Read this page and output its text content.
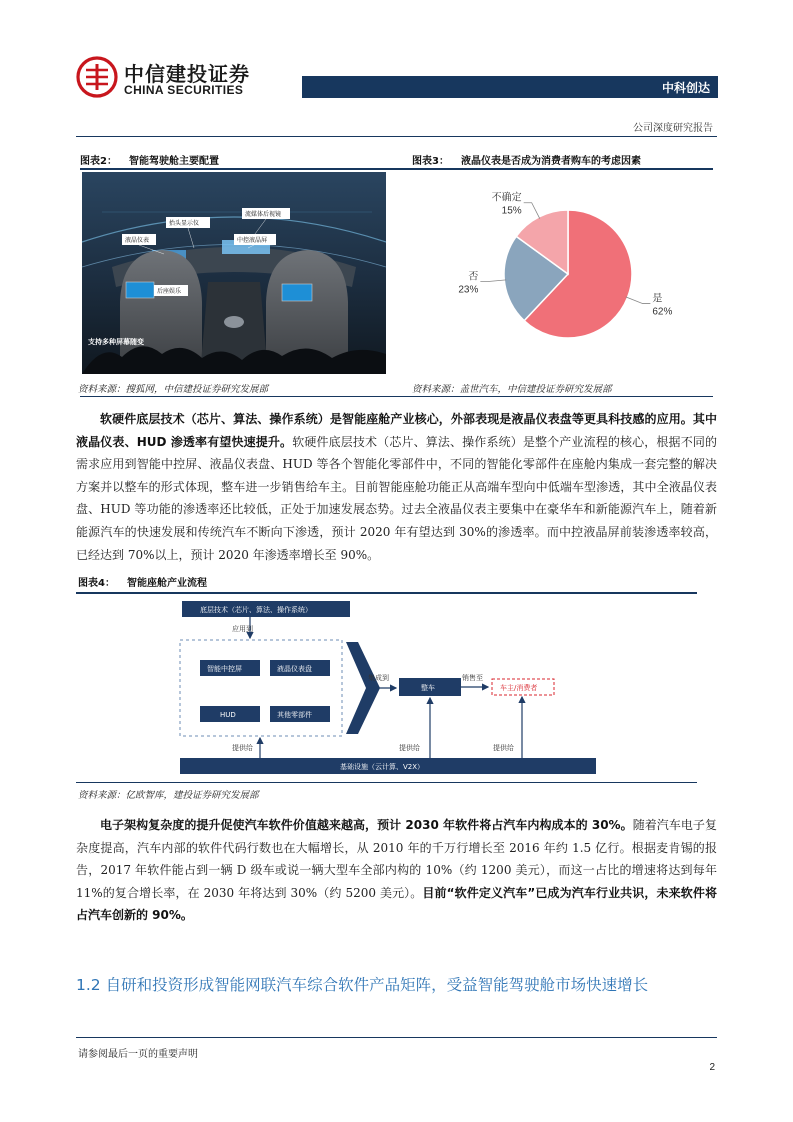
中信建投证券
CHINA SECURITIES	中科创达
公司深度研究报告
图表2： 智能驾驶舱主要配置	图表3： 液晶仪表是否成为消费者购车的考虑因素
抬头显示仪
流媒体后视镜
液晶仪表	中控液晶屏
后座娱乐
支持多种屏幕随变
是
62%
否
23%
不确定
15%
资料来源：搜狐网，中信建投证券研究发展部	资料来源：盖世汽车，中信建投证券研究发展部
软硬件底层技术（芯片、算法、操作系统）是智能座舱产业核心，外部表现是液晶仪表盘等更具科技感的应用。其中液晶仪表、HUD 渗透率有望快速提升。软硬件底层技术（芯片、算法、操作系统）是整个产业流程的核心，根据不同的需求应用到智能中控屏、液晶仪表盘、HUD 等各个智能化零部件中，不同的智能化零部件在座舱内集成一套完整的解决方案并以整车的形式体现，整车进一步销售给车主。目前智能座舱功能正从高端车型向中低端车型渗透，其中全液晶仪表盘、HUD 等功能的渗透率还比较低，正处于加速发展态势。过去全液晶仪表主要集中在豪华车和新能源汽车上，随着新能源汽车的快速发展和传统汽车不断向下渗透，预计 2020 年有望达到 30%的渗透率。而中控液晶屏前装渗透率较高，已经达到 70%以上，预计 2020 年渗透率增长至 90%。
图表4： 智能座舱产业流程
底层技术（芯片、算法、操作系统）
应用到
智能中控屏	液晶仪表盘
HUD	其他零部件
集成到
整车
销售至
车主/消费者
提供给	提供给	提供给
基础设施（云计算、V2X）
资料来源：亿欧智库，建投证券研究发展部
电子架构复杂度的提升促使汽车软件价值越来越高，预计 2030 年软件将占汽车内构成本的 30%。随着汽车电子复杂度提高，汽车内部的软件代码行数也在大幅增长，从 2010 年的千万行增长至 2016 年约 1.5 亿行。根据麦肯锡的报告，2017 年软件能占到一辆 D 级车或说一辆大型车全部内构的 10%（约 1200 美元），而这一占比的增速将达到每年 11%的复合增长率，在 2030 年将达到 30%（约 5200 美元）。目前“软件定义汽车”已成为汽车行业共识，未来软件将占汽车创新的 90%。
1.2 自研和投资形成智能网联汽车综合软件产品矩阵，受益智能驾驶舱市场快速增长
请参阅最后一页的重要声明
2
